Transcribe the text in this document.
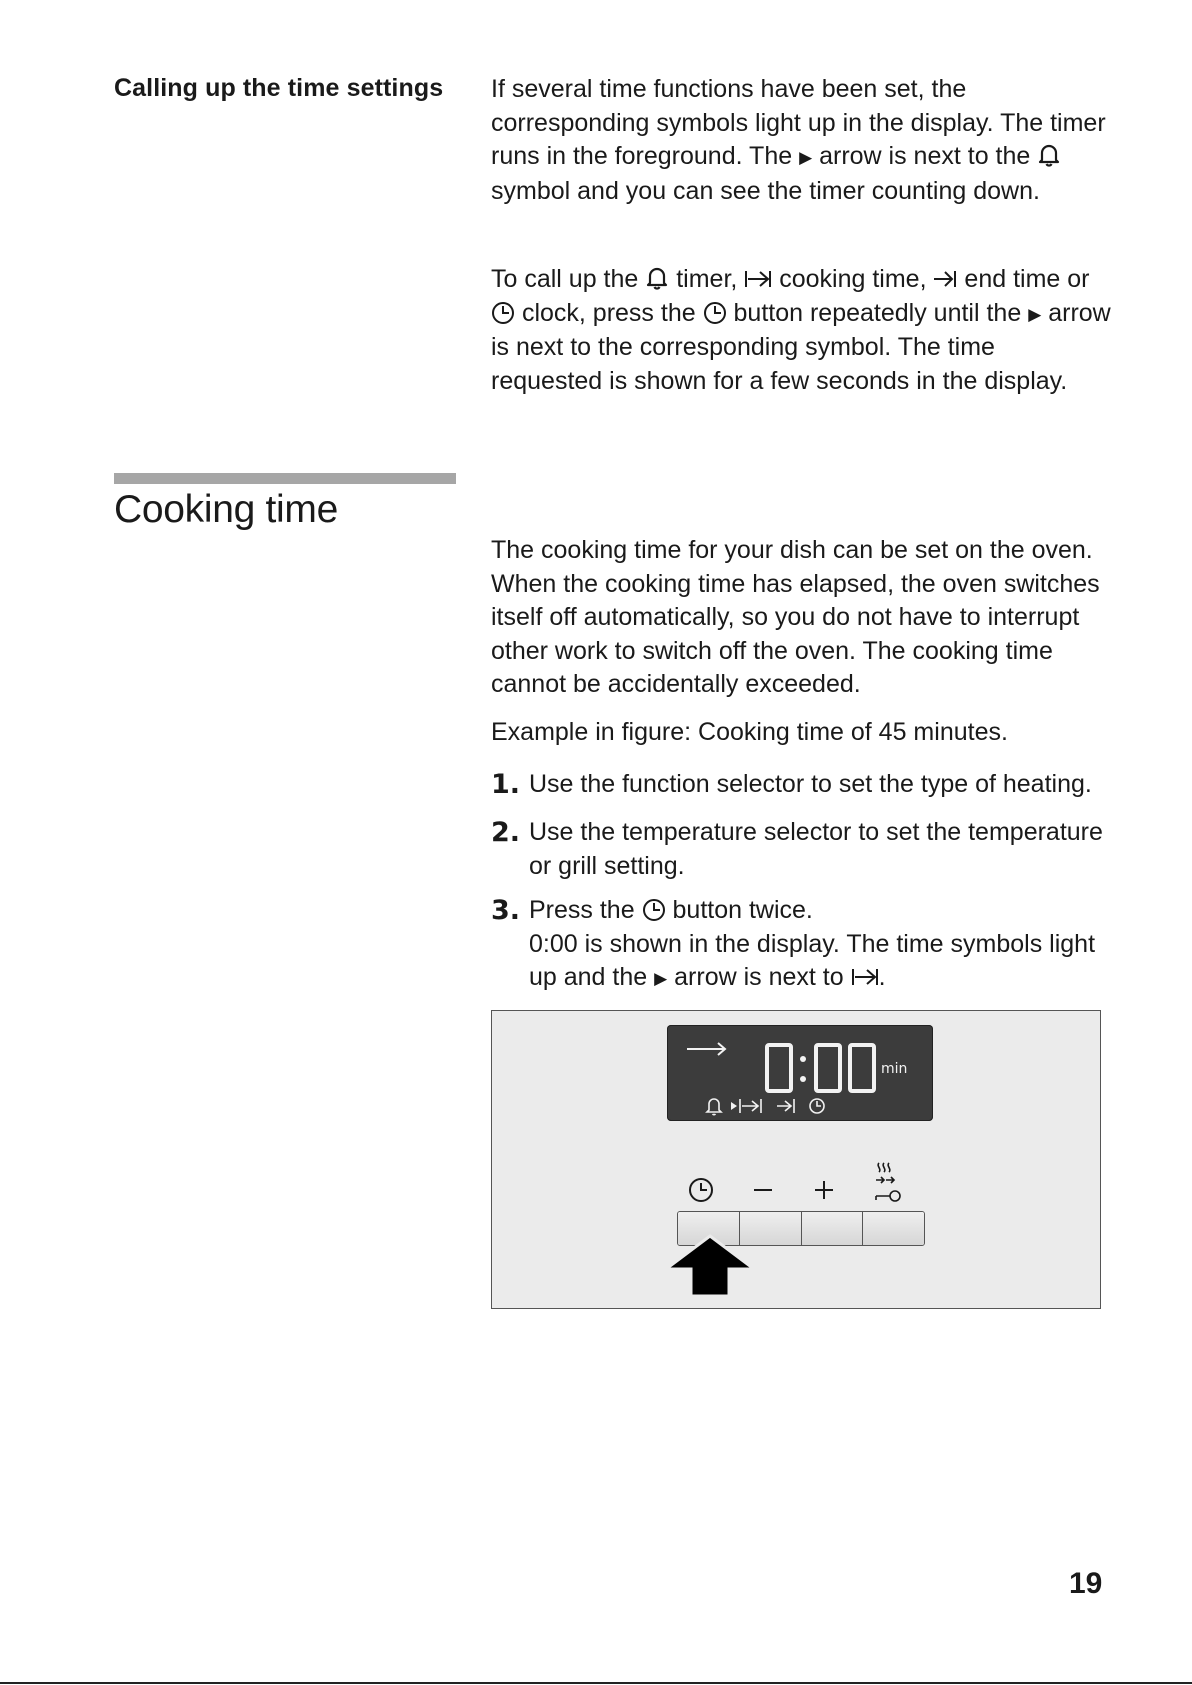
Calling up the time settings If several time functions have been set, the corresponding symbols light up in the display. The timer runs in the foreground. The ▶ arrow is next to the  symbol and you can see the timer counting down.

To call up the  timer,  cooking time,  end time or  clock, press the  button repeatedly until the ▶ arrow is next to the corresponding symbol. The time requested is shown for a few seconds in the display.

Cooking time

The cooking time for your dish can be set on the oven. When the cooking time has elapsed, the oven switches itself off automatically, so you do not have to interrupt other work to switch off the oven. The cooking time cannot be accidentally exceeded.

Example in figure: Cooking time of 45 minutes.

1. Use the function selector to set the type of heating.
2. Use the temperature selector to set the temperature or grill setting.
3. Press the  button twice.
0:00 is shown in the display. The time symbols light up and the ▶ arrow is next to .
min
19
